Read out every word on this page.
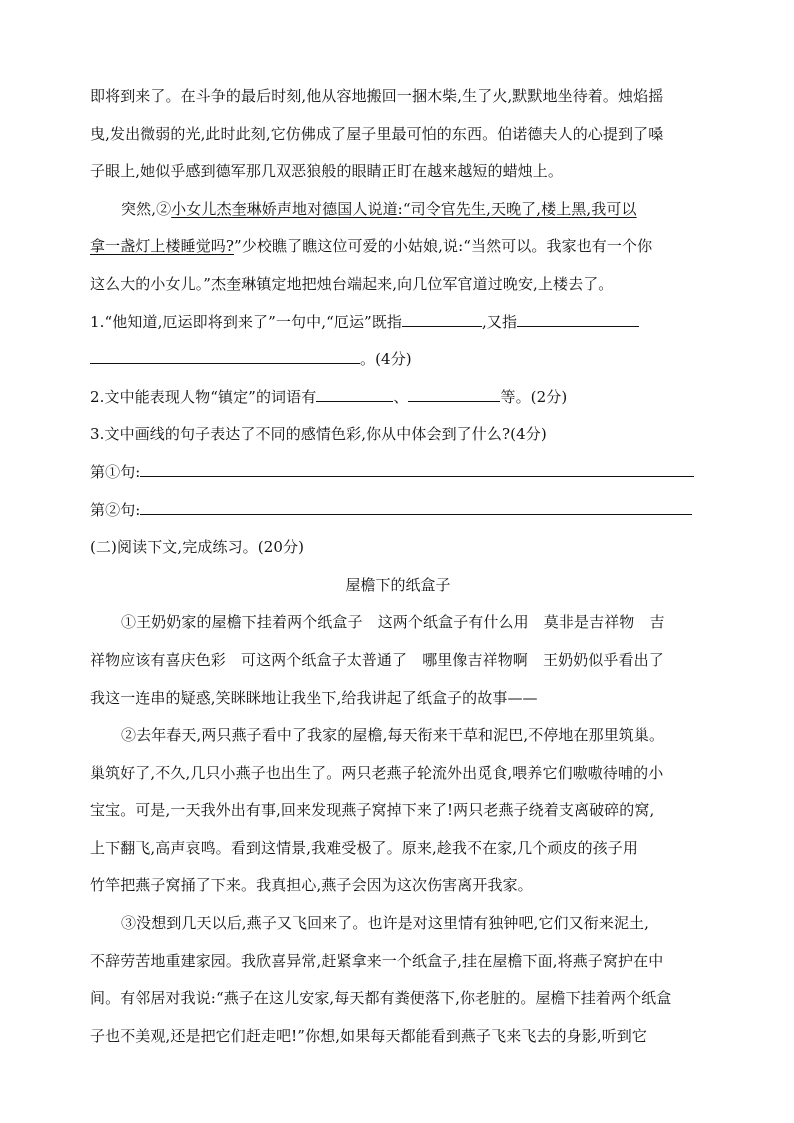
即将到来了。在斗争的最后时刻,他从容地搬回一捆木柴,生了火,默默地坐待着。烛焰摇

曳,发出微弱的光,此时此刻,它仿佛成了屋子里最可怕的东西。伯诺德夫人的心提到了嗓

子眼上,她似乎感到德军那几双恶狼般的眼睛正盯在越来越短的蜡烛上。

突然,②小女儿杰奎琳娇声地对德国人说道:“司令官先生,天晚了,楼上黑,我可以

拿一盏灯上楼睡觉吗?”少校瞧了瞧这位可爱的小姑娘,说:“当然可以。我家也有一个你

这么大的小女儿。”杰奎琳镇定地把烛台端起来,向几位军官道过晚安,上楼去了。

1.“他知道,厄运即将到来了”一句中,“厄运”既指	,又指

。(4分)

2.文中能表现人物“镇定”的词语有	、	等。(2分)

3.文中画线的句子表达了不同的感情色彩,你从中体会到了什么?(4分)

第①句:

第②句:

(二)阅读下文,完成练习。(20分)

屋檐下的纸盒子

①王奶奶家的屋檐下挂着两个纸盒子　这两个纸盒子有什么用　莫非是吉祥物　吉

祥物应该有喜庆色彩　可这两个纸盒子太普通了　哪里像吉祥物啊　王奶奶似乎看出了

我这一连串的疑惑,笑眯眯地让我坐下,给我讲起了纸盒子的故事——

②去年春天,两只燕子看中了我家的屋檐,每天衔来干草和泥巴,不停地在那里筑巢。

巢筑好了,不久,几只小燕子也出生了。两只老燕子轮流外出觅食,喂养它们嗷嗷待哺的小

宝宝。可是,一天我外出有事,回来发现燕子窝掉下来了!两只老燕子绕着支离破碎的窝,

上下翻飞,高声哀鸣。看到这情景,我难受极了。原来,趁我不在家,几个顽皮的孩子用

竹竿把燕子窝捅了下来。我真担心,燕子会因为这次伤害离开我家。

③没想到几天以后,燕子又飞回来了。也许是对这里情有独钟吧,它们又衔来泥土,

不辞劳苦地重建家园。我欣喜异常,赶紧拿来一个纸盒子,挂在屋檐下面,将燕子窝护在中

间。有邻居对我说:“燕子在这儿安家,每天都有粪便落下,你老脏的。屋檐下挂着两个纸盒

子也不美观,还是把它们赶走吧!”你想,如果每天都能看到燕子飞来飞去的身影,听到它
